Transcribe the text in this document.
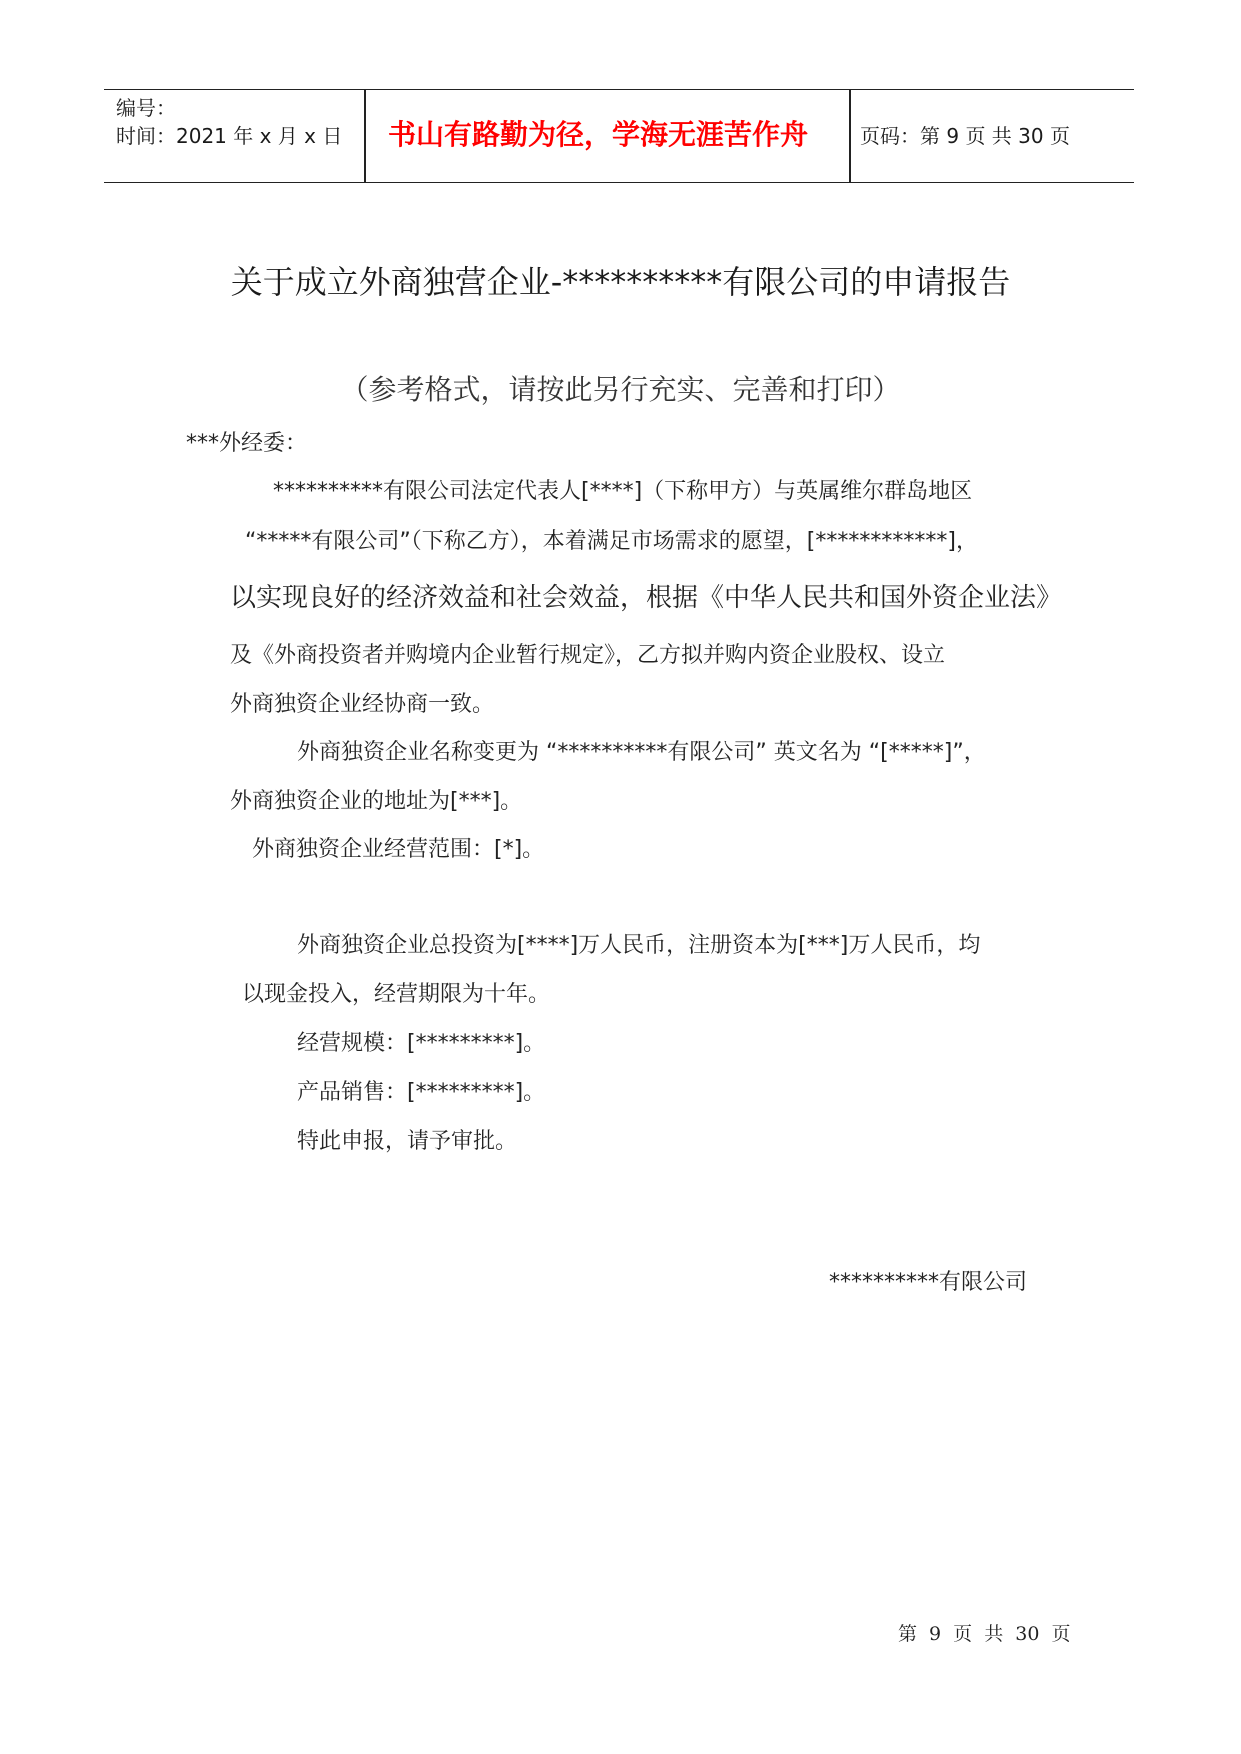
编号：
时间：2021 年 x 月 x 日	书山有路勤为径，学海无涯苦作舟	页码：第 9 页 共 30 页
关于成立外商独营企业-**********有限公司的申请报告
（参考格式，请按此另行充实、完善和打印）
***外经委：
**********有限公司法定代表人[****]（下称甲方）与英属维尔群岛地区
“*****有限公司”（下称乙方），本着满足市场需求的愿望，[************]，
以实现良好的经济效益和社会效益，根据《中华人民共和国外资企业法》
及《外商投资者并购境内企业暂行规定》，乙方拟并购内资企业股权、设立
外商独资企业经协商一致。
外商独资企业名称变更为 “**********有限公司” 英文名为 “[*****]”，
外商独资企业的地址为[***]。
外商独资企业经营范围：[*]。
外商独资企业总投资为[****]万人民币，注册资本为[***]万人民币，均
以现金投入，经营期限为十年。
经营规模：[*********]。
产品销售：[*********]。
特此申报，请予审批。
**********有限公司
第 9 页 共 30 页
